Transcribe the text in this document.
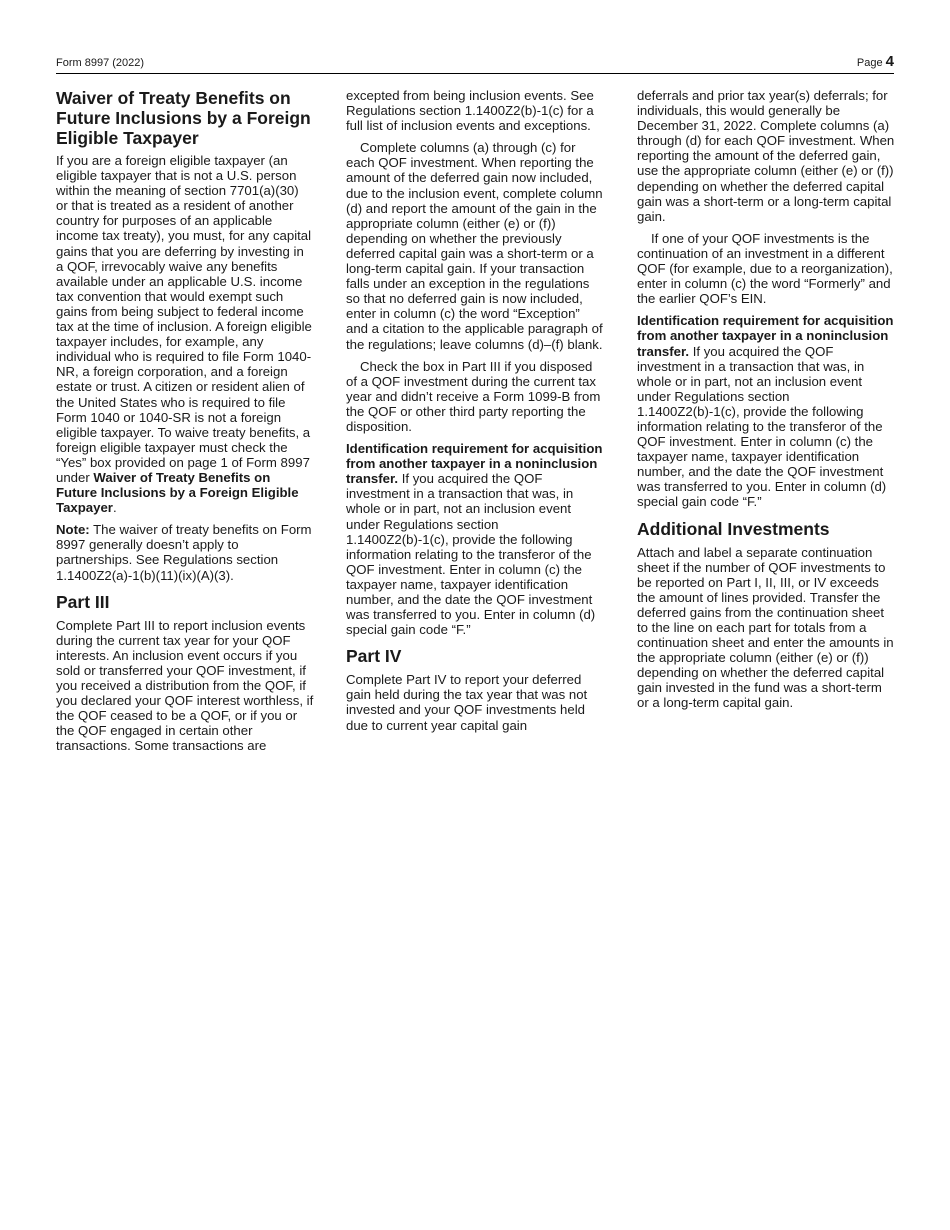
Form 8997 (2022)	Page 4
Waiver of Treaty Benefits on Future Inclusions by a Foreign Eligible Taxpayer

If you are a foreign eligible taxpayer (an eligible taxpayer that is not a U.S. person within the meaning of section 7701(a)(30) or that is treated as a resident of another country for purposes of an applicable income tax treaty), you must, for any capital gains that you are deferring by investing in a QOF, irrevocably waive any benefits available under an applicable U.S. income tax convention that would exempt such gains from being subject to federal income tax at the time of inclusion. A foreign eligible taxpayer includes, for example, any individual who is required to file Form 1040-NR, a foreign corporation, and a foreign estate or trust. A citizen or resident alien of the United States who is required to file Form 1040 or 1040-SR is not a foreign eligible taxpayer. To waive treaty benefits, a foreign eligible taxpayer must check the “Yes” box provided on page 1 of Form 8997 under Waiver of Treaty Benefits on Future Inclusions by a Foreign Eligible Taxpayer.

Note: The waiver of treaty benefits on Form 8997 generally doesn’t apply to partnerships. See Regulations section 1.1400Z2(a)-1(b)(11)(ix)(A)(3).

Part III

Complete Part III to report inclusion events during the current tax year for your QOF interests. An inclusion event occurs if you sold or transferred your QOF investment, if you received a distribution from the QOF, if you declared your QOF interest worthless, if the QOF ceased to be a QOF, or if you or the QOF engaged in certain other transactions. Some transactions are

excepted from being inclusion events. See Regulations section 1.1400Z2(b)-1(c) for a full list of inclusion events and exceptions.

Complete columns (a) through (c) for each QOF investment. When reporting the amount of the deferred gain now included, due to the inclusion event, complete column (d) and report the amount of the gain in the appropriate column (either (e) or (f)) depending on whether the previously deferred capital gain was a short-term or a long-term capital gain. If your transaction falls under an exception in the regulations so that no deferred gain is now included, enter in column (c) the word “Exception” and a citation to the applicable paragraph of the regulations; leave columns (d)–(f) blank.

Check the box in Part III if you disposed of a QOF investment during the current tax year and didn’t receive a Form 1099-B from the QOF or other third party reporting the disposition.

Identification requirement for acquisition from another taxpayer in a noninclusion transfer. If you acquired the QOF investment in a transaction that was, in whole or in part, not an inclusion event under Regulations section 1.1400Z2(b)-1(c), provide the following information relating to the transferor of the QOF investment. Enter in column (c) the taxpayer name, taxpayer identification number, and the date the QOF investment was transferred to you. Enter in column (d) special gain code “F.”

Part IV

Complete Part IV to report your deferred gain held during the tax year that was not invested and your QOF investments held due to current year capital gain

deferrals and prior tax year(s) deferrals; for individuals, this would generally be December 31, 2022. Complete columns (a) through (d) for each QOF investment. When reporting the amount of the deferred gain, use the appropriate column (either (e) or (f)) depending on whether the deferred capital gain was a short-term or a long-term capital gain.

If one of your QOF investments is the continuation of an investment in a different QOF (for example, due to a reorganization), enter in column (c) the word “Formerly” and the earlier QOF’s EIN.

Identification requirement for acquisition from another taxpayer in a noninclusion transfer. If you acquired the QOF investment in a transaction that was, in whole or in part, not an inclusion event under Regulations section 1.1400Z2(b)-1(c), provide the following information relating to the transferor of the QOF investment. Enter in column (c) the taxpayer name, taxpayer identification number, and the date the QOF investment was transferred to you. Enter in column (d) special gain code “F.”

Additional Investments

Attach and label a separate continuation sheet if the number of QOF investments to be reported on Part I, II, III, or IV exceeds the amount of lines provided. Transfer the deferred gains from the continuation sheet to the line on each part for totals from a continuation sheet and enter the amounts in the appropriate column (either (e) or (f)) depending on whether the deferred capital gain invested in the fund was a short-term or a long-term capital gain.
